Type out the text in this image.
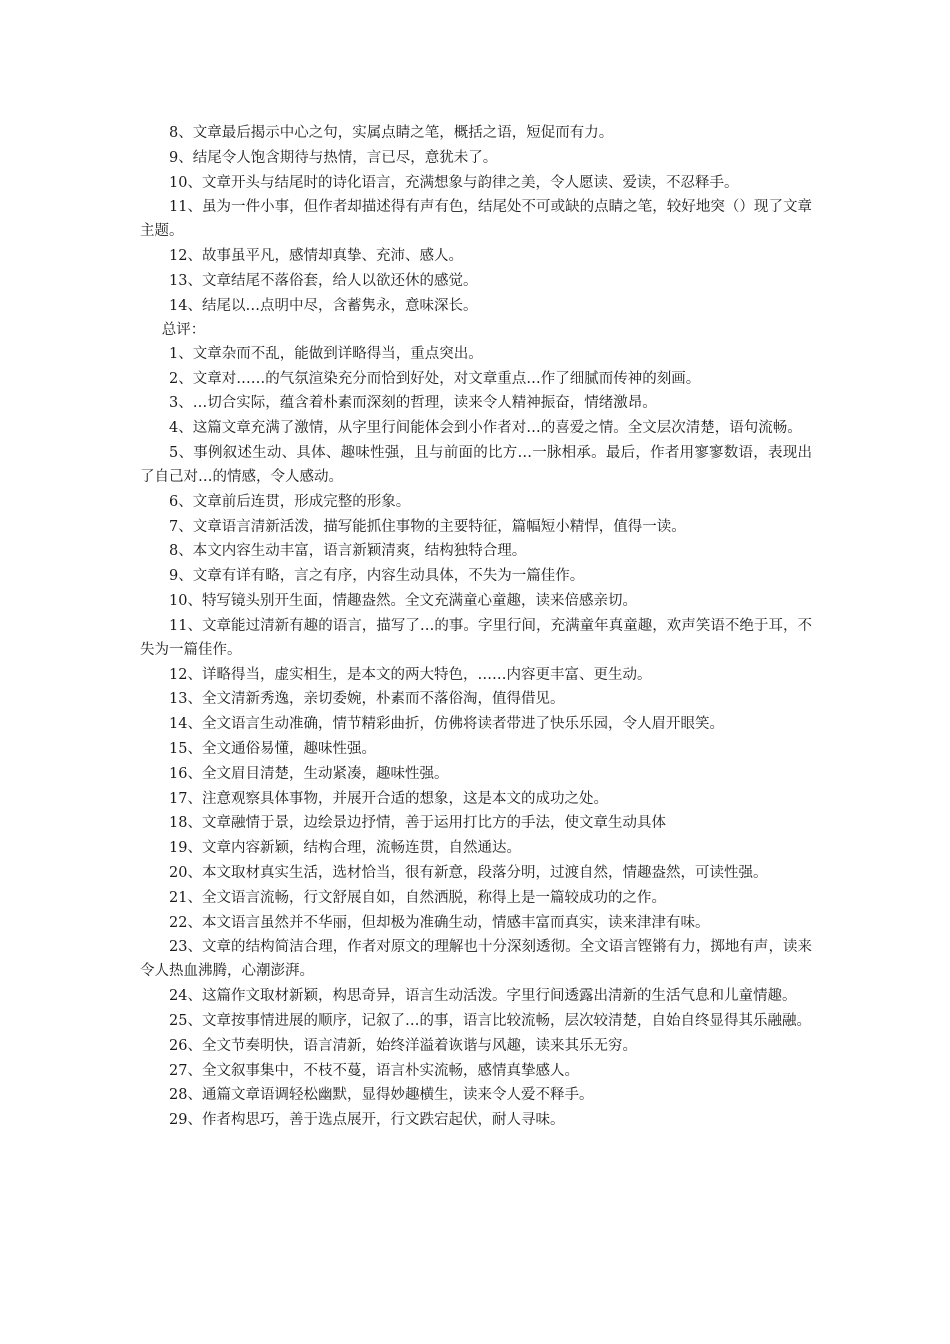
8、文章最后揭示中心之句，实属点睛之笔，概括之语，短促而有力。

9、结尾令人饱含期待与热情，言已尽，意犹未了。

10、文章开头与结尾时的诗化语言，充满想象与韵律之美，令人愿读、爱读，不忍释手。

11、虽为一件小事，但作者却描述得有声有色，结尾处不可或缺的点睛之笔，较好地突（）现了文章主题。

12、故事虽平凡，感情却真挚、充沛、感人。

13、文章结尾不落俗套，给人以欲还休的感觉。

14、结尾以…点明中尽，含蓄隽永，意味深长。

总评：

1、文章杂而不乱，能做到详略得当，重点突出。

2、文章对……的气氛渲染充分而恰到好处，对文章重点…作了细腻而传神的刻画。

3、…切合实际，蕴含着朴素而深刻的哲理，读来令人精神振奋，情绪激昂。

4、这篇文章充满了激情，从字里行间能体会到小作者对…的喜爱之情。全文层次清楚，语句流畅。

5、事例叙述生动、具体、趣味性强，且与前面的比方…一脉相承。最后，作者用寥寥数语，表现出了自己对…的情感，令人感动。

6、文章前后连贯，形成完整的形象。

7、文章语言清新活泼，描写能抓住事物的主要特征，篇幅短小精悍，值得一读。

8、本文内容生动丰富，语言新颖清爽，结构独特合理。

9、文章有详有略，言之有序，内容生动具体，不失为一篇佳作。

10、特写镜头别开生面，情趣盎然。全文充满童心童趣，读来倍感亲切。

11、文章能过清新有趣的语言，描写了…的事。字里行间，充满童年真童趣，欢声笑语不绝于耳，不失为一篇佳作。

12、详略得当，虚实相生，是本文的两大特色，……内容更丰富、更生动。

13、全文清新秀逸，亲切委婉，朴素而不落俗淘，值得借见。

14、全文语言生动准确，情节精彩曲折，仿佛将读者带进了快乐乐园，令人眉开眼笑。

15、全文通俗易懂，趣味性强。

16、全文眉目清楚，生动紧凑，趣味性强。

17、注意观察具体事物，并展开合适的想象，这是本文的成功之处。

18、文章融情于景，边绘景边抒情，善于运用打比方的手法，使文章生动具体

19、文章内容新颖，结构合理，流畅连贯，自然通达。

20、本文取材真实生活，选材恰当，很有新意，段落分明，过渡自然，情趣盎然，可读性强。

21、全文语言流畅，行文舒展自如，自然洒脱，称得上是一篇较成功的之作。

22、本文语言虽然并不华丽，但却极为准确生动，情感丰富而真实，读来津津有味。

23、文章的结构简洁合理，作者对原文的理解也十分深刻透彻。全文语言铿锵有力，掷地有声，读来令人热血沸腾，心潮澎湃。

24、这篇作文取材新颖，构思奇异，语言生动活泼。字里行间透露出清新的生活气息和儿童情趣。

25、文章按事情进展的顺序，记叙了…的事，语言比较流畅，层次较清楚，自始自终显得其乐融融。

26、全文节奏明快，语言清新，始终洋溢着诙谐与风趣，读来其乐无穷。

27、全文叙事集中，不枝不蔓，语言朴实流畅，感情真挚感人。

28、通篇文章语调轻松幽默，显得妙趣横生，读来令人爱不释手。

29、作者构思巧，善于选点展开，行文跌宕起伏，耐人寻味。
